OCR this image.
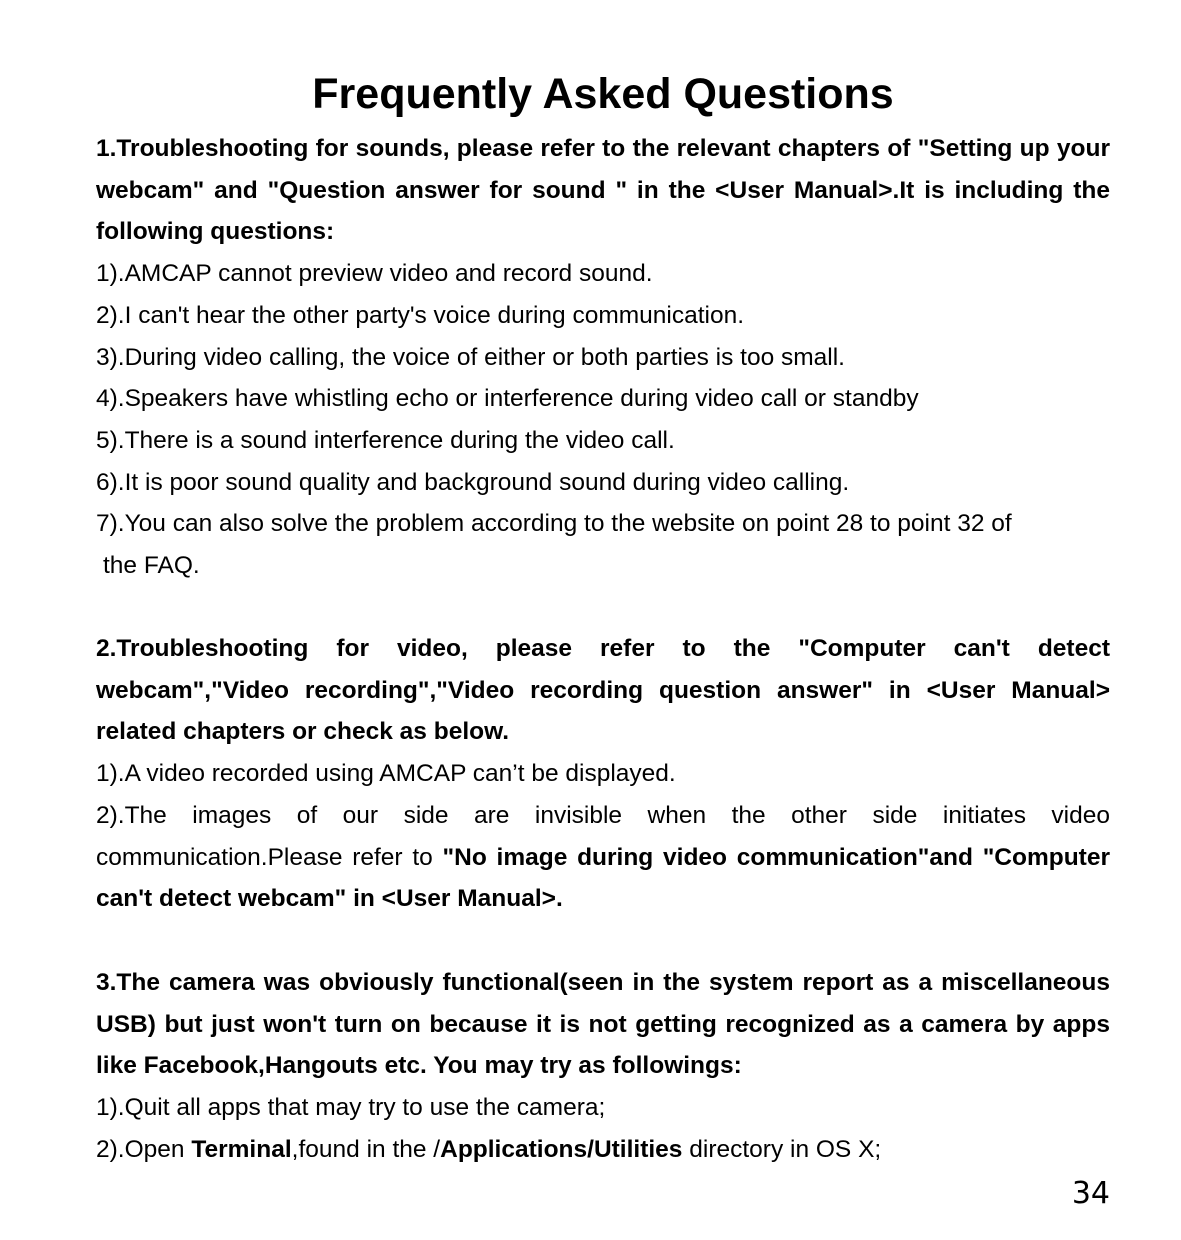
Frequently Asked Questions

1.Troubleshooting for sounds, please refer to the relevant chapters of "Setting up your webcam" and "Question answer for sound " in the <User Manual>.It is including the following questions:

1).AMCAP cannot preview video and record sound.

2).I can't hear the other party's voice during communication.

3).During video calling, the voice of either or both parties is too small.

4).Speakers have whistling echo or interference during video call or standby

5).There is a sound interference during the video call.

6).It is poor sound quality and background sound during video calling.

7).You can also solve the problem according to the website on point 28 to point 32 of
the FAQ.

2.Troubleshooting for video, please refer to the "Computer can't detect webcam","Video recording","Video recording question answer" in <User Manual> related chapters or check as below.

1).A video recorded using AMCAP can’t be displayed.

2).The images of our side are invisible when the other side initiates video communication.Please refer to "No image during video communication"and "Computer can't detect webcam" in <User Manual>.

3.The camera was obviously functional(seen in the system report as a miscellaneous USB) but just won't turn on because it is not getting recognized as a camera by apps like Facebook,Hangouts etc. You may try as followings:

1).Quit all apps that may try to use the camera;

2).Open Terminal,found in the /Applications/Utilities directory in OS X;

34
